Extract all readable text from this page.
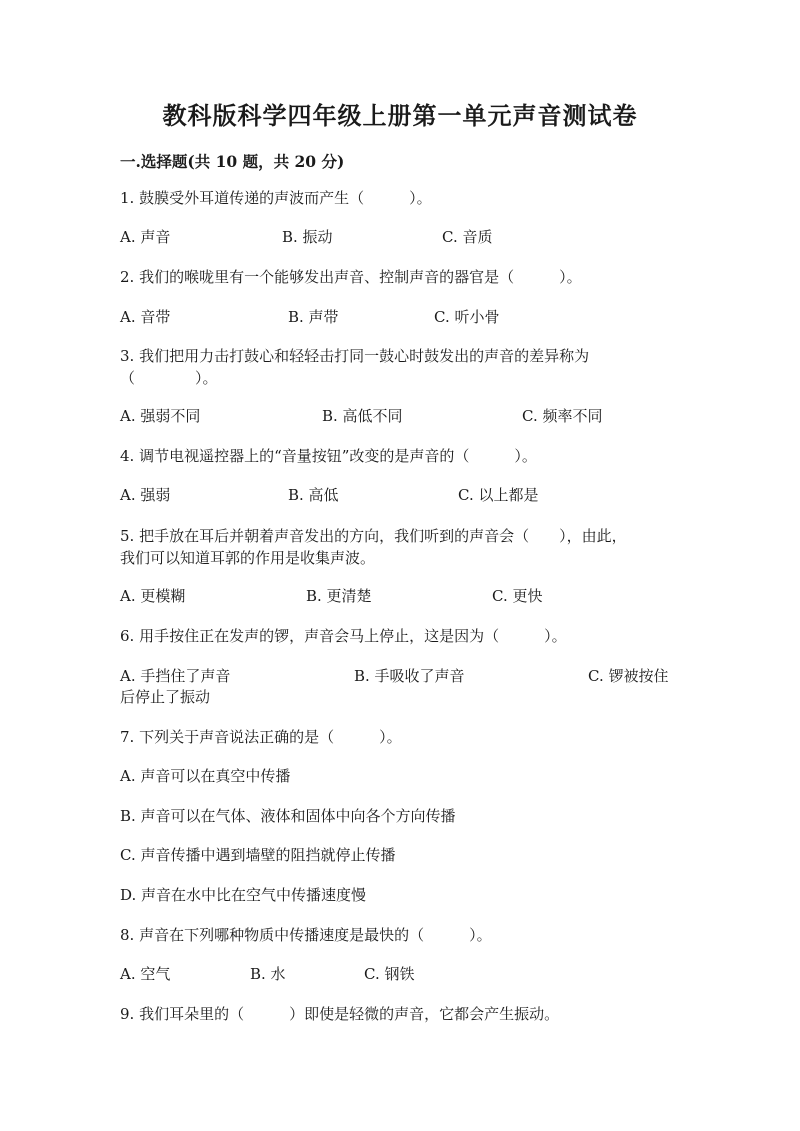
教科版科学四年级上册第一单元声音测试卷
一.选择题(共 10 题，共 20 分)
1. 鼓膜受外耳道传递的声波而产生（　　　）。
A. 声音	B. 振动	C. 音质
2. 我们的喉咙里有一个能够发出声音、控制声音的器官是（　　　）。
A. 音带	B. 声带	C. 听小骨
3. 我们把用力击打鼓心和轻轻击打同一鼓心时鼓发出的声音的差异称为
（　　　　）。
A. 强弱不同	B. 高低不同	C. 频率不同
4. 调节电视遥控器上的“音量按钮”改变的是声音的（　　　）。
A. 强弱	B. 高低	C. 以上都是
5. 把手放在耳后并朝着声音发出的方向，我们听到的声音会（　　），由此，
我们可以知道耳郭的作用是收集声波。
A. 更模糊	B. 更清楚	C. 更快
6. 用手按住正在发声的锣，声音会马上停止，这是因为（　　　）。
A. 手挡住了声音	B. 手吸收了声音	C. 锣被按住
后停止了振动
7. 下列关于声音说法正确的是（　　　）。
A. 声音可以在真空中传播
B. 声音可以在气体、液体和固体中向各个方向传播
C. 声音传播中遇到墙壁的阻挡就停止传播
D. 声音在水中比在空气中传播速度慢
8. 声音在下列哪种物质中传播速度是最快的（　　　）。
A. 空气	B. 水	C. 钢铁
9. 我们耳朵里的（　　　）即使是轻微的声音，它都会产生振动。
